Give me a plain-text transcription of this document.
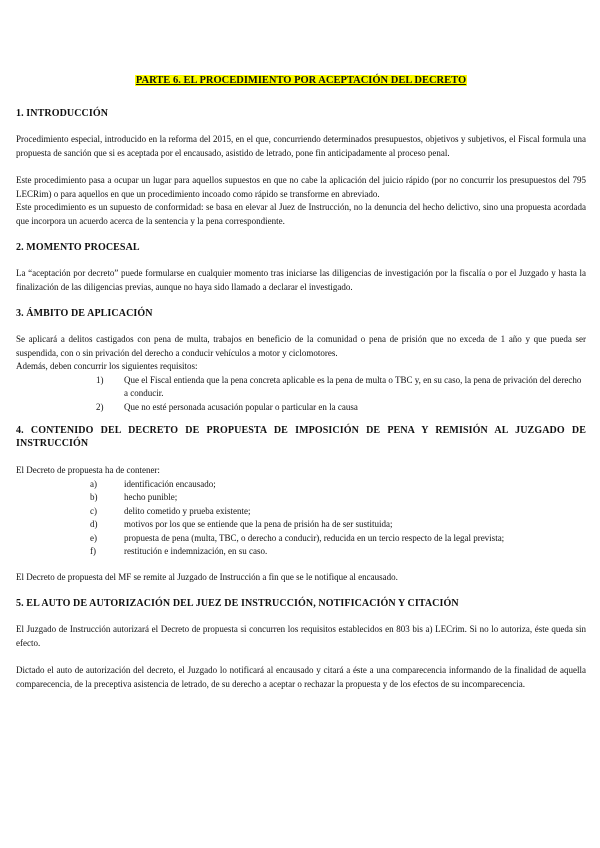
PARTE 6. EL PROCEDIMIENTO POR ACEPTACIÓN DEL DECRETO
1. INTRODUCCIÓN

Procedimiento especial, introducido en la reforma del 2015, en el que, concurriendo determinados presupuestos, objetivos y subjetivos, el Fiscal formula una propuesta de sanción que si es aceptada por el encausado, asistido de letrado, pone fin anticipadamente al proceso penal.

Este procedimiento pasa a ocupar un lugar para aquellos supuestos en que no cabe la aplicación del juicio rápido (por no concurrir los presupuestos del 795 LECRim) o para aquellos en que un procedimiento incoado como rápido se transforme en abreviado.

Este procedimiento es un supuesto de conformidad: se basa en elevar al Juez de Instrucción, no la denuncia del hecho delictivo, sino una propuesta acordada que incorpora un acuerdo acerca de la sentencia y la pena correspondiente.

2. MOMENTO PROCESAL

La “aceptación por decreto” puede formularse en cualquier momento tras iniciarse las diligencias de investigación por la fiscalía o por el Juzgado y hasta la finalización de las diligencias previas, aunque no haya sido llamado a declarar el investigado.

3. ÁMBITO DE APLICACIÓN

Se aplicará a delitos castigados con pena de multa, trabajos en beneficio de la comunidad o pena de prisión que no exceda de 1 año y que pueda ser suspendida, con o sin privación del derecho a conducir vehículos a motor y ciclomotores.

Además, deben concurrir los siguientes requisitos:

1) Que el Fiscal entienda que la pena concreta aplicable es la pena de multa o TBC y, en su caso, la pena de privación del derecho a conducir.
2) Que no esté personada acusación popular o particular en la causa
4. CONTENIDO DEL DECRETO DE PROPUESTA DE IMPOSICIÓN DE PENA Y REMISIÓN AL JUZGADO DE INSTRUCCIÓN

El Decreto de propuesta ha de contener:

a)	identificación encausado;
b)	hecho punible;
c)	delito cometido y prueba existente;
d)	motivos por los que se entiende que la pena de prisión ha de ser sustituida;
e)	propuesta de pena (multa, TBC, o derecho a conducir), reducida en un tercio respecto de la legal prevista;
f)	restitución e indemnización, en su caso.

El Decreto de propuesta del MF se remite al Juzgado de Instrucción a fin que se le notifique al encausado.

5. EL AUTO DE AUTORIZACIÓN DEL JUEZ DE INSTRUCCIÓN, NOTIFICACIÓN Y CITACIÓN

El Juzgado de Instrucción autorizará el Decreto de propuesta si concurren los requisitos establecidos en 803 bis a) LECrim. Si no lo autoriza, éste queda sin efecto.

Dictado el auto de autorización del decreto, el Juzgado lo notificará al encausado y citará a éste a una comparecencia informando de la finalidad de aquella comparecencia, de la preceptiva asistencia de letrado, de su derecho a aceptar o rechazar la propuesta y de los efectos de su incomparecencia.
